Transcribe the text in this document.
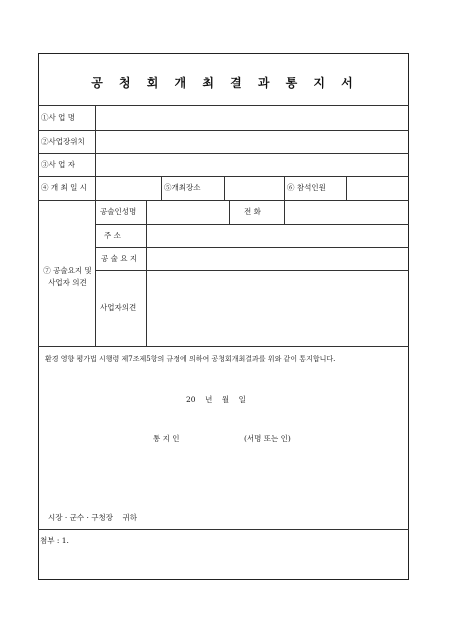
공 청 회 개 최 결 과 통 지 서
①사 업 명
②사업장위치
③사 업 자
④ 개 최 일 시	⑤개최장소	⑥ 참석인원
⑦ 공술요지 및
사업자 의견
공술인성명	전 화
주 소
공 술 요 지
사업자의견
환경 영향 평가법 시행령 제7조제5항의 규정에 의하여 공청회개최결과를 위와 같이 통지합니다.
20    년    월    일
통 지 인	(서명 또는 인)
시장 · 군수 · 구청장    귀하
첨부 : 1.
